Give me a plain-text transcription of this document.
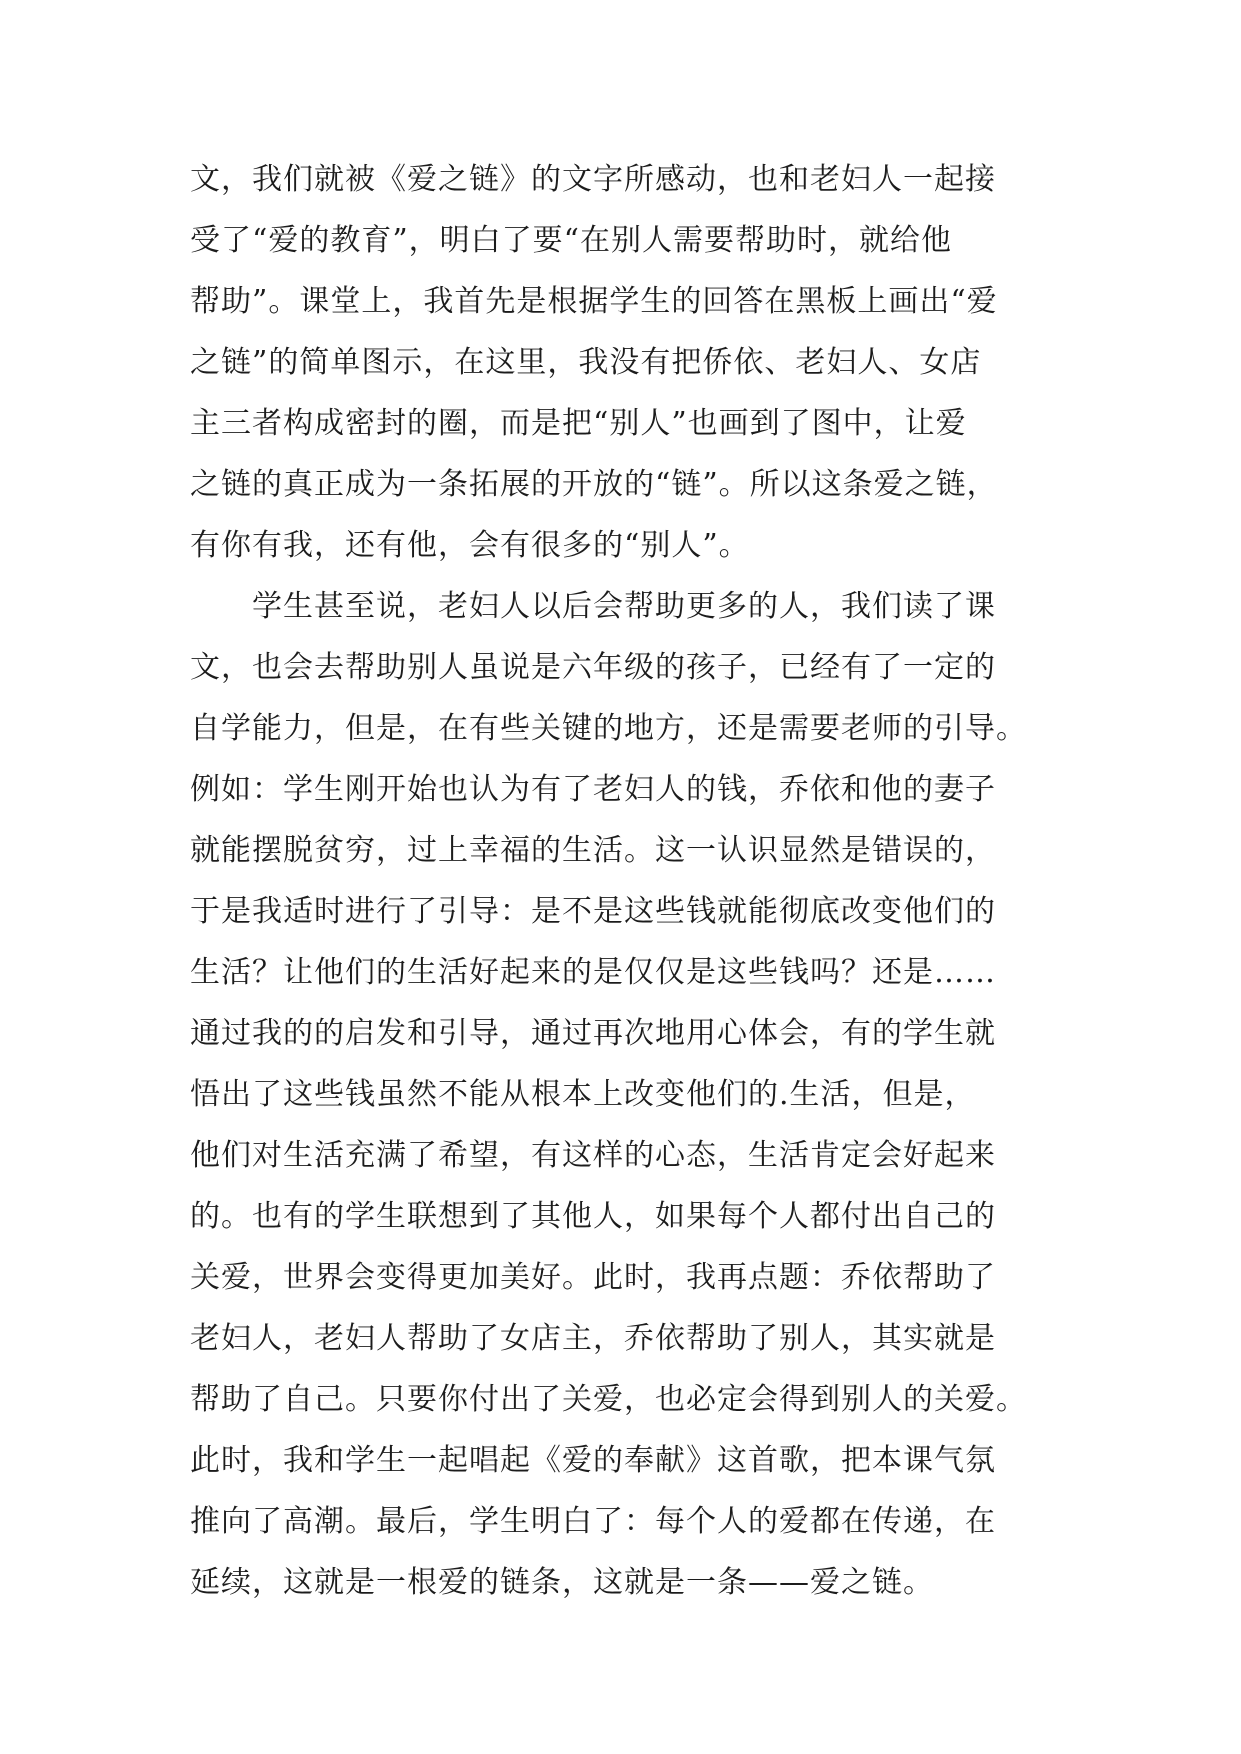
文，我们就被《爱之链》的文字所感动，也和老妇人一起接
受了“爱的教育”，明白了要“在别人需要帮助时，就给他
帮助”。课堂上，我首先是根据学生的回答在黑板上画出“爱
之链”的简单图示，在这里，我没有把侨依、老妇人、女店
主三者构成密封的圈，而是把“别人”也画到了图中，让爱
之链的真正成为一条拓展的开放的“链”。所以这条爱之链，
有你有我，还有他，会有很多的“别人”。
　　学生甚至说，老妇人以后会帮助更多的人，我们读了课
文，也会去帮助别人虽说是六年级的孩子，已经有了一定的
自学能力，但是，在有些关键的地方，还是需要老师的引导。
例如：学生刚开始也认为有了老妇人的钱，乔依和他的妻子
就能摆脱贫穷，过上幸福的生活。这一认识显然是错误的，
于是我适时进行了引导：是不是这些钱就能彻底改变他们的
生活？让他们的生活好起来的是仅仅是这些钱吗？还是……
通过我的的启发和引导，通过再次地用心体会，有的学生就
悟出了这些钱虽然不能从根本上改变他们的.生活，但是，
他们对生活充满了希望，有这样的心态，生活肯定会好起来
的。也有的学生联想到了其他人，如果每个人都付出自己的
关爱，世界会变得更加美好。此时，我再点题：乔依帮助了
老妇人，老妇人帮助了女店主，乔依帮助了别人，其实就是
帮助了自己。只要你付出了关爱，也必定会得到别人的关爱。
此时，我和学生一起唱起《爱的奉献》这首歌，把本课气氛
推向了高潮。最后，学生明白了：每个人的爱都在传递，在
延续，这就是一根爱的链条，这就是一条——爱之链。
